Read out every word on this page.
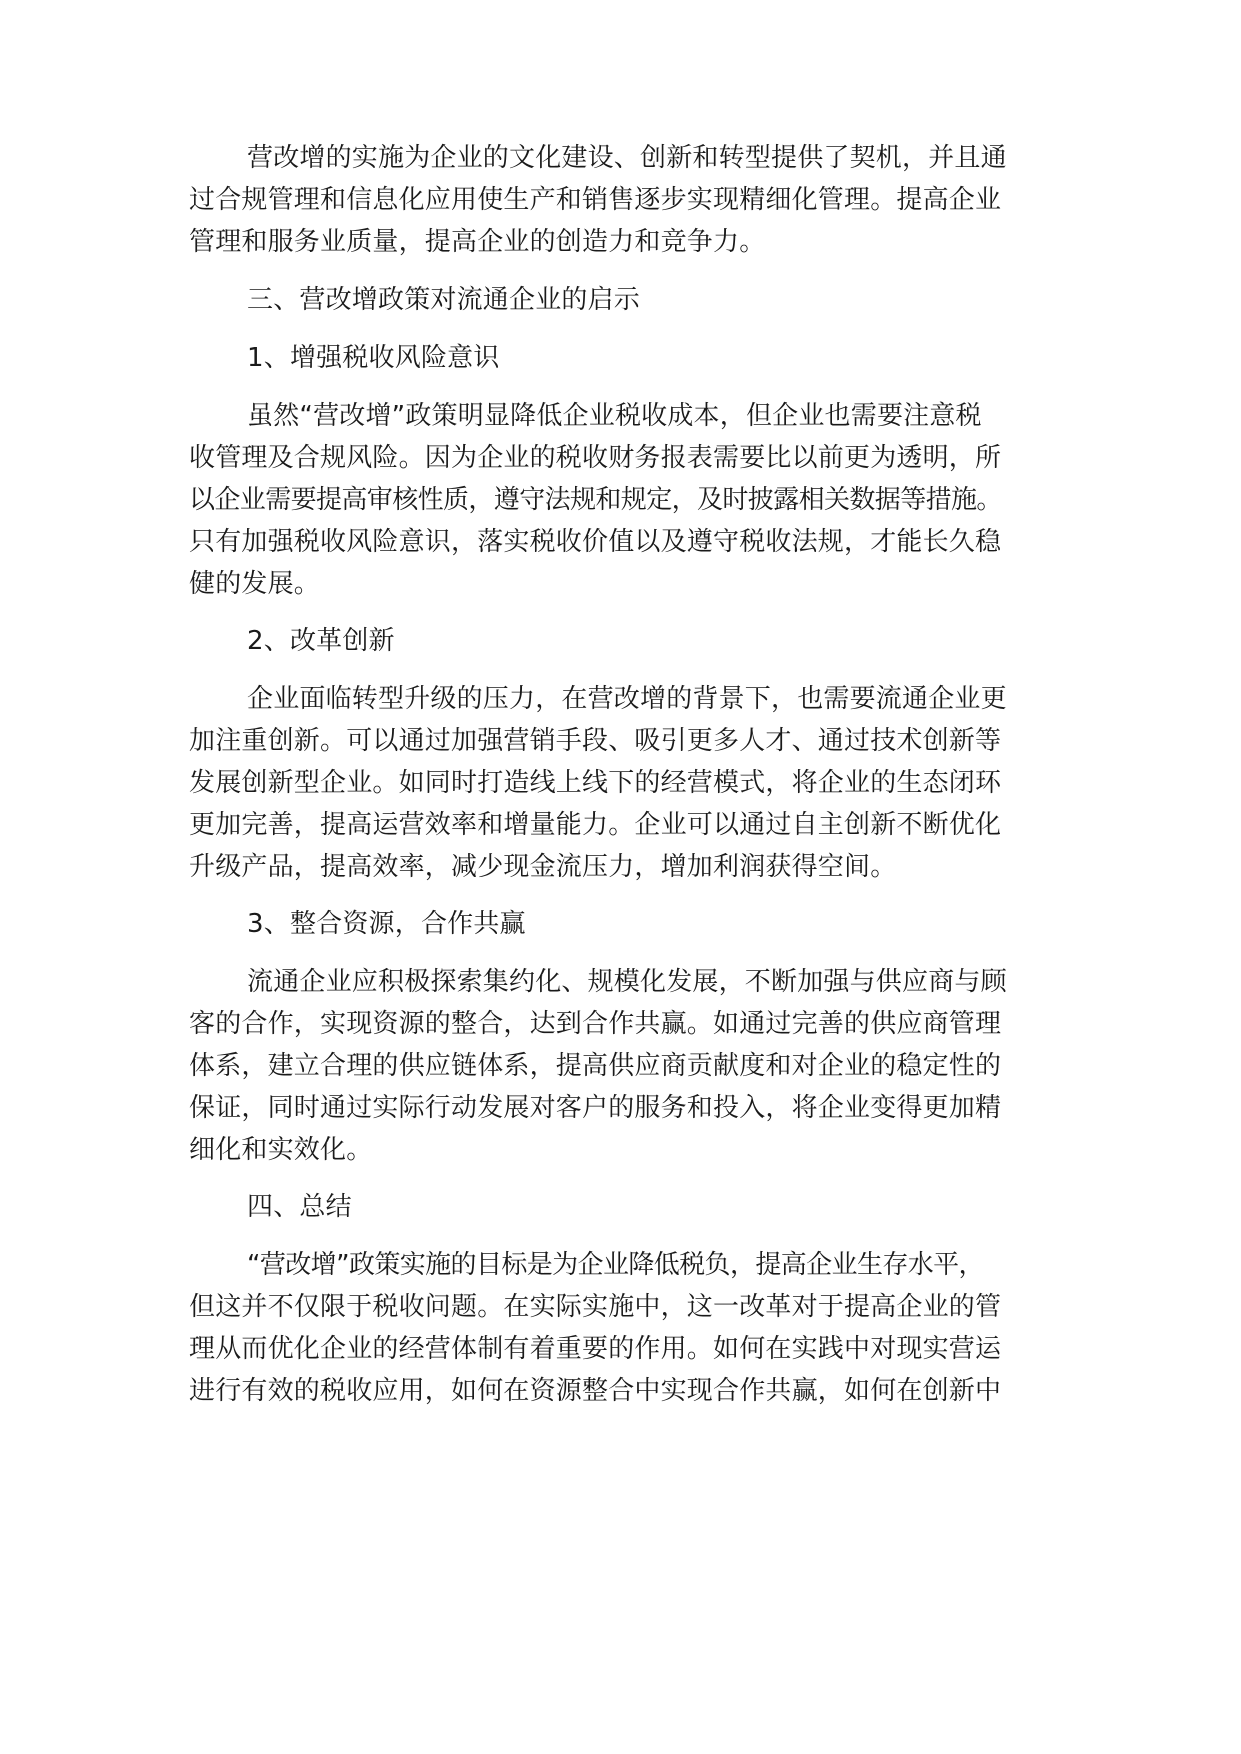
营改增的实施为企业的文化建设、创新和转型提供了契机，并且通

过合规管理和信息化应用使生产和销售逐步实现精细化管理。提高企业

管理和服务业质量，提高企业的创造力和竞争力。

三、营改增政策对流通企业的启示

1、增强税收风险意识

虽然“营改增”政策明显降低企业税收成本，但企业也需要注意税

收管理及合规风险。因为企业的税收财务报表需要比以前更为透明，所

以企业需要提高审核性质，遵守法规和规定，及时披露相关数据等措施。

只有加强税收风险意识，落实税收价值以及遵守税收法规，才能长久稳

健的发展。

2、改革创新

企业面临转型升级的压力，在营改增的背景下，也需要流通企业更

加注重创新。可以通过加强营销手段、吸引更多人才、通过技术创新等

发展创新型企业。如同时打造线上线下的经营模式，将企业的生态闭环

更加完善，提高运营效率和增量能力。企业可以通过自主创新不断优化

升级产品，提高效率，减少现金流压力，增加利润获得空间。

3、整合资源，合作共赢

流通企业应积极探索集约化、规模化发展，不断加强与供应商与顾

客的合作，实现资源的整合，达到合作共赢。如通过完善的供应商管理

体系，建立合理的供应链体系，提高供应商贡献度和对企业的稳定性的

保证，同时通过实际行动发展对客户的服务和投入，将企业变得更加精

细化和实效化。

四、总结

“营改增”政策实施的目标是为企业降低税负，提高企业生存水平，

但这并不仅限于税收问题。在实际实施中，这一改革对于提高企业的管

理从而优化企业的经营体制有着重要的作用。如何在实践中对现实营运

进行有效的税收应用，如何在资源整合中实现合作共赢，如何在创新中
